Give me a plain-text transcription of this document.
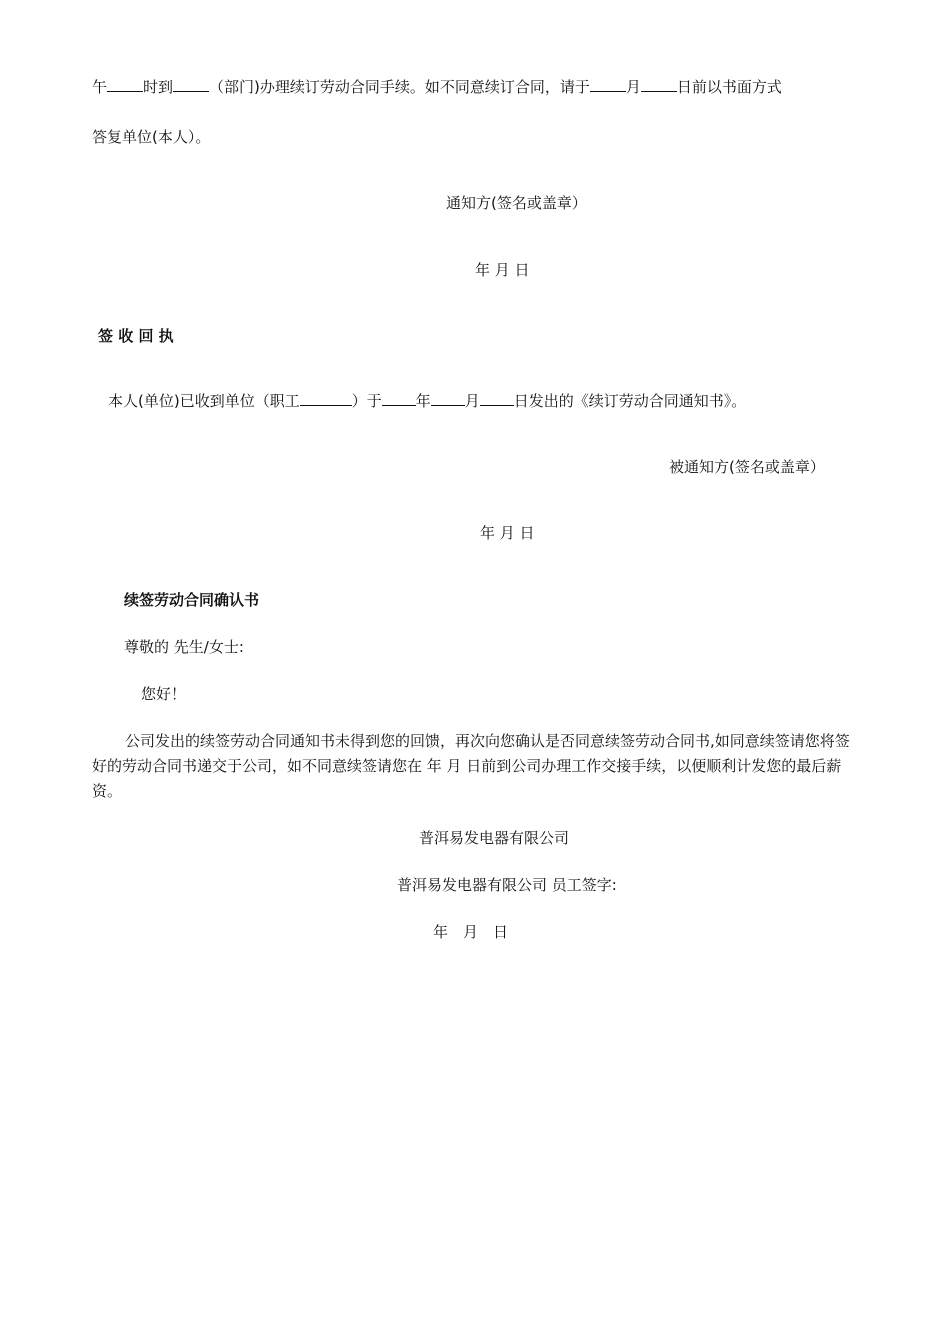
午 时到 （部门)办理续订劳动合同手续。如不同意续订合同，请于 月 日前以书面方式
答复单位(本人）。
通知方(签名或盖章）
年 月 日
签 收 回 执
本人(单位)已收到单位（职工	）于 年 月 日发出的《续订劳动合同通知书》。
被通知方(签名或盖章）
年 月 日
续签劳动合同确认书
尊敬的 先生/女士:
您好！
公司发出的续签劳动合同通知书未得到您的回馈，再次向您确认是否同意续签劳动合同书,如同意续签请您将签好的劳动合同书递交于公司，如不同意续签请您在 年 月 日前到公司办理工作交接手续，以便顺利计发您的最后薪资。
普洱易发电器有限公司
普洱易发电器有限公司 员工签字:
年　月　日
